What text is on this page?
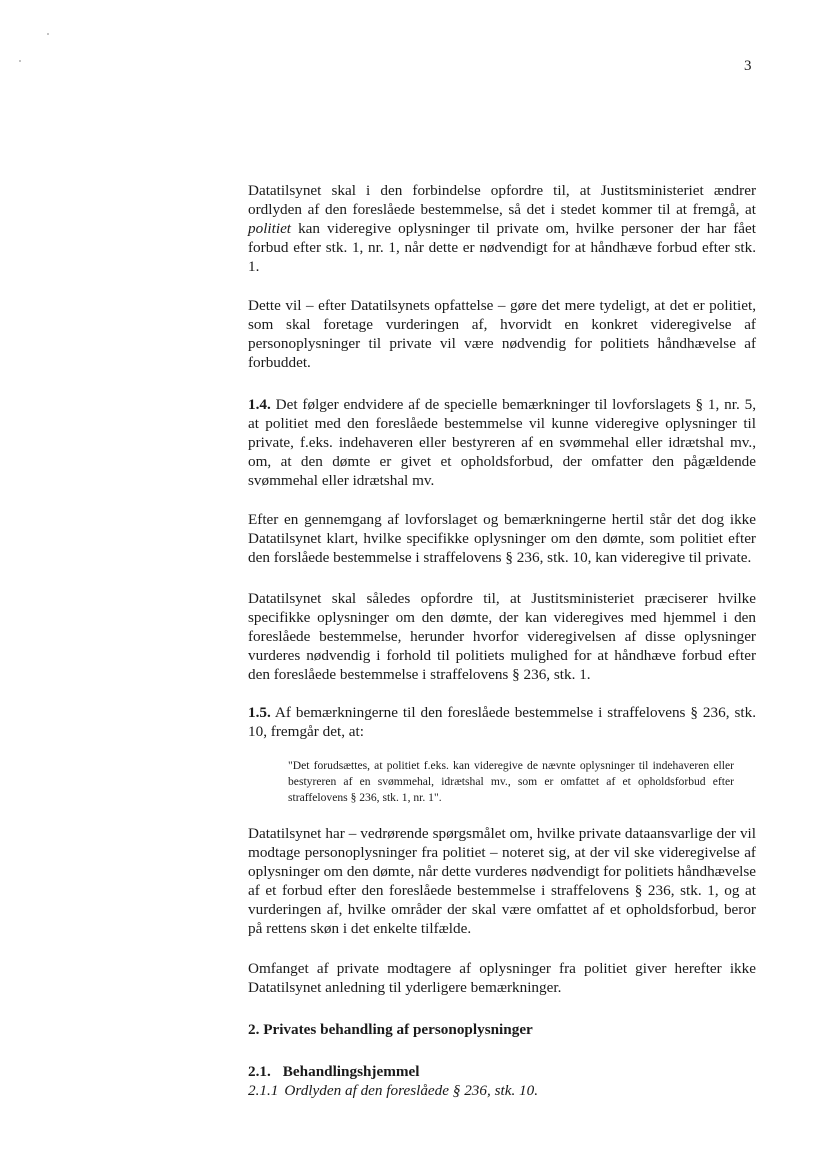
3

Datatilsynet skal i den forbindelse opfordre til, at Justitsministeriet ændrer ordlyden af den foreslåede bestemmelse, så det i stedet kommer til at fremgå, at politiet kan videregive oplysninger til private om, hvilke personer der har fået forbud efter stk. 1, nr. 1, når dette er nødvendigt for at håndhæve forbud efter stk. 1.

Dette vil – efter Datatilsynets opfattelse – gøre det mere tydeligt, at det er politiet, som skal foretage vurderingen af, hvorvidt en konkret videregivelse af personoplysninger til private vil være nødvendig for politiets håndhævelse af forbuddet.

1.4. Det følger endvidere af de specielle bemærkninger til lovforslagets § 1, nr. 5, at politiet med den foreslåede bestemmelse vil kunne videregive oplysninger til private, f.eks. indehaveren eller bestyreren af en svømmehal eller idrætshal mv., om, at den dømte er givet et opholdsforbud, der omfatter den pågældende svømmehal eller idrætshal mv.

Efter en gennemgang af lovforslaget og bemærkningerne hertil står det dog ikke Datatilsynet klart, hvilke specifikke oplysninger om den dømte, som politiet efter den forslåede bestemmelse i straffelovens § 236, stk. 10, kan videregive til private.

Datatilsynet skal således opfordre til, at Justitsministeriet præciserer hvilke specifikke oplysninger om den dømte, der kan videregives med hjemmel i den foreslåede bestemmelse, herunder hvorfor videregivelsen af disse oplysninger vurderes nødvendig i forhold til politiets mulighed for at håndhæve forbud efter den foreslåede bestemmelse i straffelovens § 236, stk. 1.

1.5. Af bemærkningerne til den foreslåede bestemmelse i straffelovens § 236, stk. 10, fremgår det, at:

"Det forudsættes, at politiet f.eks. kan videregive de nævnte oplysninger til indehaveren eller bestyreren af en svømmehal, idrætshal mv., som er omfattet af et opholdsforbud efter straffelovens § 236, stk. 1, nr. 1".

Datatilsynet har – vedrørende spørgsmålet om, hvilke private dataansvarlige der vil modtage personoplysninger fra politiet – noteret sig, at der vil ske videregivelse af oplysninger om den dømte, når dette vurderes nødvendigt for politiets håndhævelse af et forbud efter den foreslåede bestemmelse i straffelovens § 236, stk. 1, og at vurderingen af, hvilke områder der skal være omfattet af et opholdsforbud, beror på rettens skøn i det enkelte tilfælde.

Omfanget af private modtagere af oplysninger fra politiet giver herefter ikke Datatilsynet anledning til yderligere bemærkninger.

2. Privates behandling af personoplysninger

2.1. Behandlingshjemmel

2.1.1 Ordlyden af den foreslåede § 236, stk. 10.
